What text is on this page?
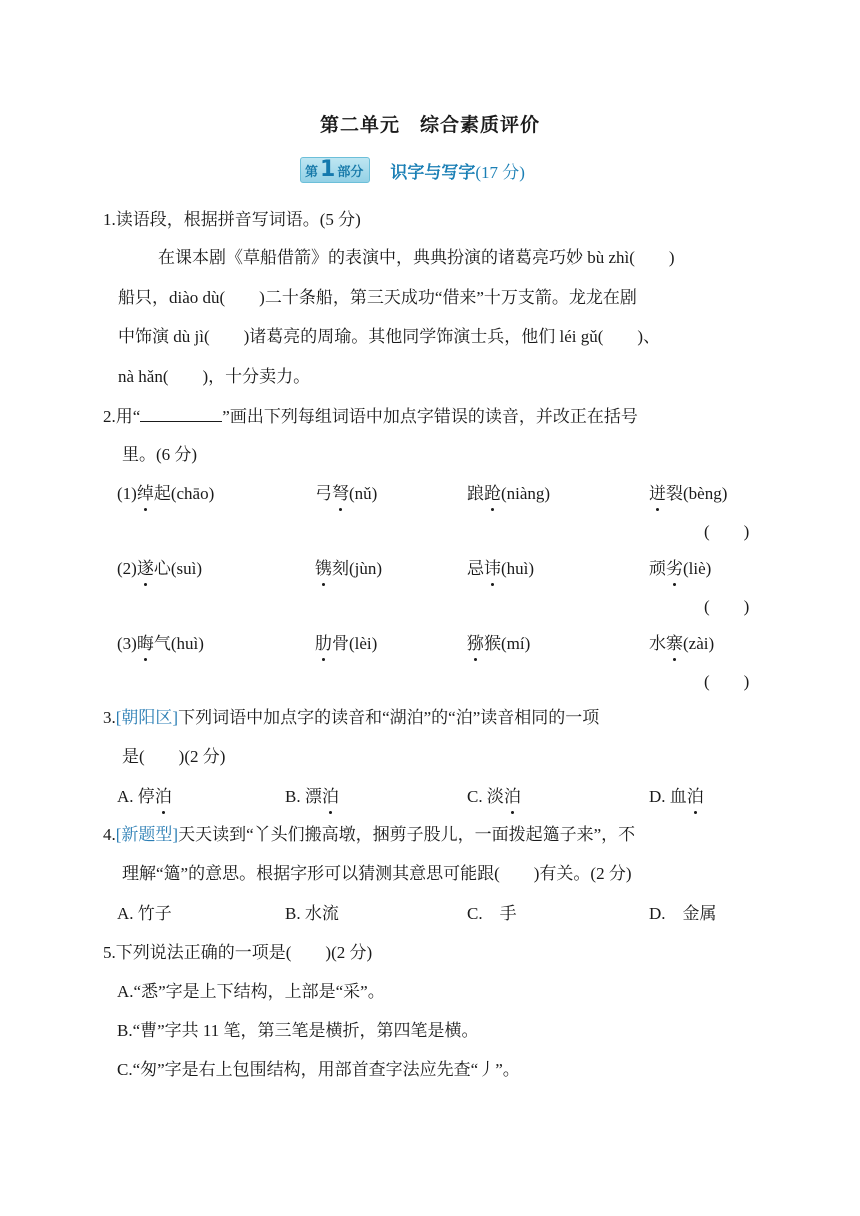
第二单元　综合素质评价
第 1 部分 识字与写字(17 分)
1.读语段，根据拼音写词语。(5 分)
在课本剧《草船借箭》的表演中，典典扮演的诸葛亮巧妙 bù zhì(　　)
船只，diào dù(　　)二十条船，第三天成功“借来”十万支箭。龙龙在剧
中饰演 dù jì(　　)诸葛亮的周瑜。其他同学饰演士兵，他们 léi gǔ(　　)、
nà hǎn(　　)，十分卖力。
2.用“	”画出下列每组词语中加点字错误的读音，并改正在括号
里。(6 分)
(1)绰起(chāo)	弓弩(nǔ)	踉跄(niàng)	迸裂(bèng)
(　　)
(2)遂心(suì)	镌刻(jùn)	忌讳(huì)	顽劣(liè)
(　　)
(3)晦气(huì)	肋骨(lèi)	猕猴(mí)	水寨(zài)
(　　)
3.[朝阳区]下列词语中加点字的读音和“湖泊”的“泊”读音相同的一项
是(　　)(2 分)
A. 停泊	B. 漂泊	C. 淡泊	D. 血泊
4.[新题型]天天读到“丫头们搬高墩，捆剪子股儿，一面拨起簻子来”，不
理解“簻”的意思。根据字形可以猜测其意思可能跟(　　)有关。(2 分)
A. 竹子	B. 水流	C.　手	D.　金属
5.下列说法正确的一项是(　　)(2 分)
A.“悉”字是上下结构，上部是“采”。
B.“曹”字共 11 笔，第三笔是横折，第四笔是横。
C.“匆”字是右上包围结构，用部首查字法应先查“丿”。
